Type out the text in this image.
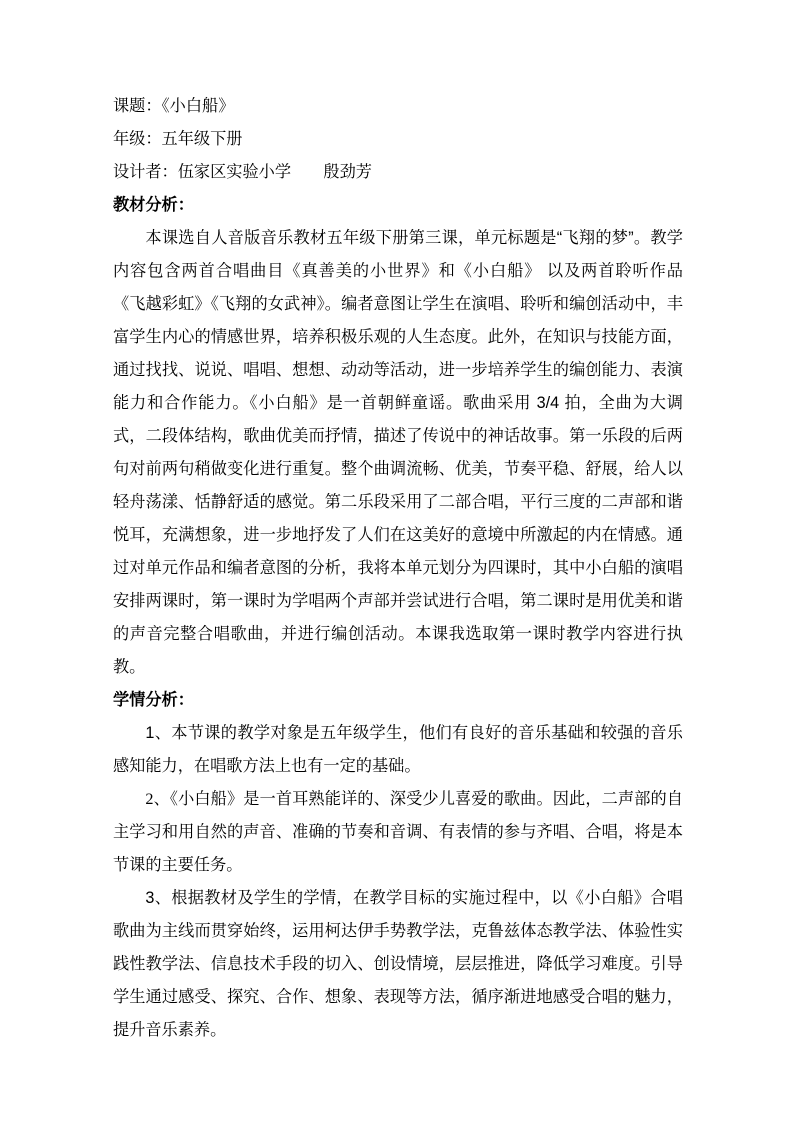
课题：《小白船》
年级：五年级下册
设计者：伍家区实验小学　　殷劲芳
教材分析：

本课选自人音版音乐教材五年级下册第三课，单元标题是“飞翔的梦”。教学内容包含两首合唱曲目《真善美的小世界》和《小白船》 以及两首聆听作品《飞越彩虹》《飞翔的女武神》。编者意图让学生在演唱、聆听和编创活动中，丰富学生内心的情感世界，培养积极乐观的人生态度。此外，在知识与技能方面，通过找找、说说、唱唱、想想、动动等活动，进一步培养学生的编创能力、表演能力和合作能力。《小白船》是一首朝鲜童谣。歌曲采用 3/4 拍，全曲为大调式，二段体结构，歌曲优美而抒情，描述了传说中的神话故事。第一乐段的后两句对前两句稍做变化进行重复。整个曲调流畅、优美，节奏平稳、舒展，给人以轻舟荡漾、恬静舒适的感觉。第二乐段采用了二部合唱，平行三度的二声部和谐悦耳，充满想象，进一步地抒发了人们在这美好的意境中所激起的内在情感。通过对单元作品和编者意图的分析，我将本单元划分为四课时，其中小白船的演唱安排两课时，第一课时为学唱两个声部并尝试进行合唱，第二课时是用优美和谐的声音完整合唱歌曲，并进行编创活动。本课我选取第一课时教学内容进行执教。

学情分析：

1、本节课的教学对象是五年级学生，他们有良好的音乐基础和较强的音乐感知能力，在唱歌方法上也有一定的基础。

2、《小白船》是一首耳熟能详的、深受少儿喜爱的歌曲。因此，二声部的自主学习和用自然的声音、准确的节奏和音调、有表情的参与齐唱、合唱，将是本节课的主要任务。

3、根据教材及学生的学情，在教学目标的实施过程中，以《小白船》合唱歌曲为主线而贯穿始终，运用柯达伊手势教学法，克鲁兹体态教学法、体验性实践性教学法、信息技术手段的切入、创设情境，层层推进，降低学习难度。引导学生通过感受、探究、合作、想象、表现等方法，循序渐进地感受合唱的魅力，提升音乐素养。
